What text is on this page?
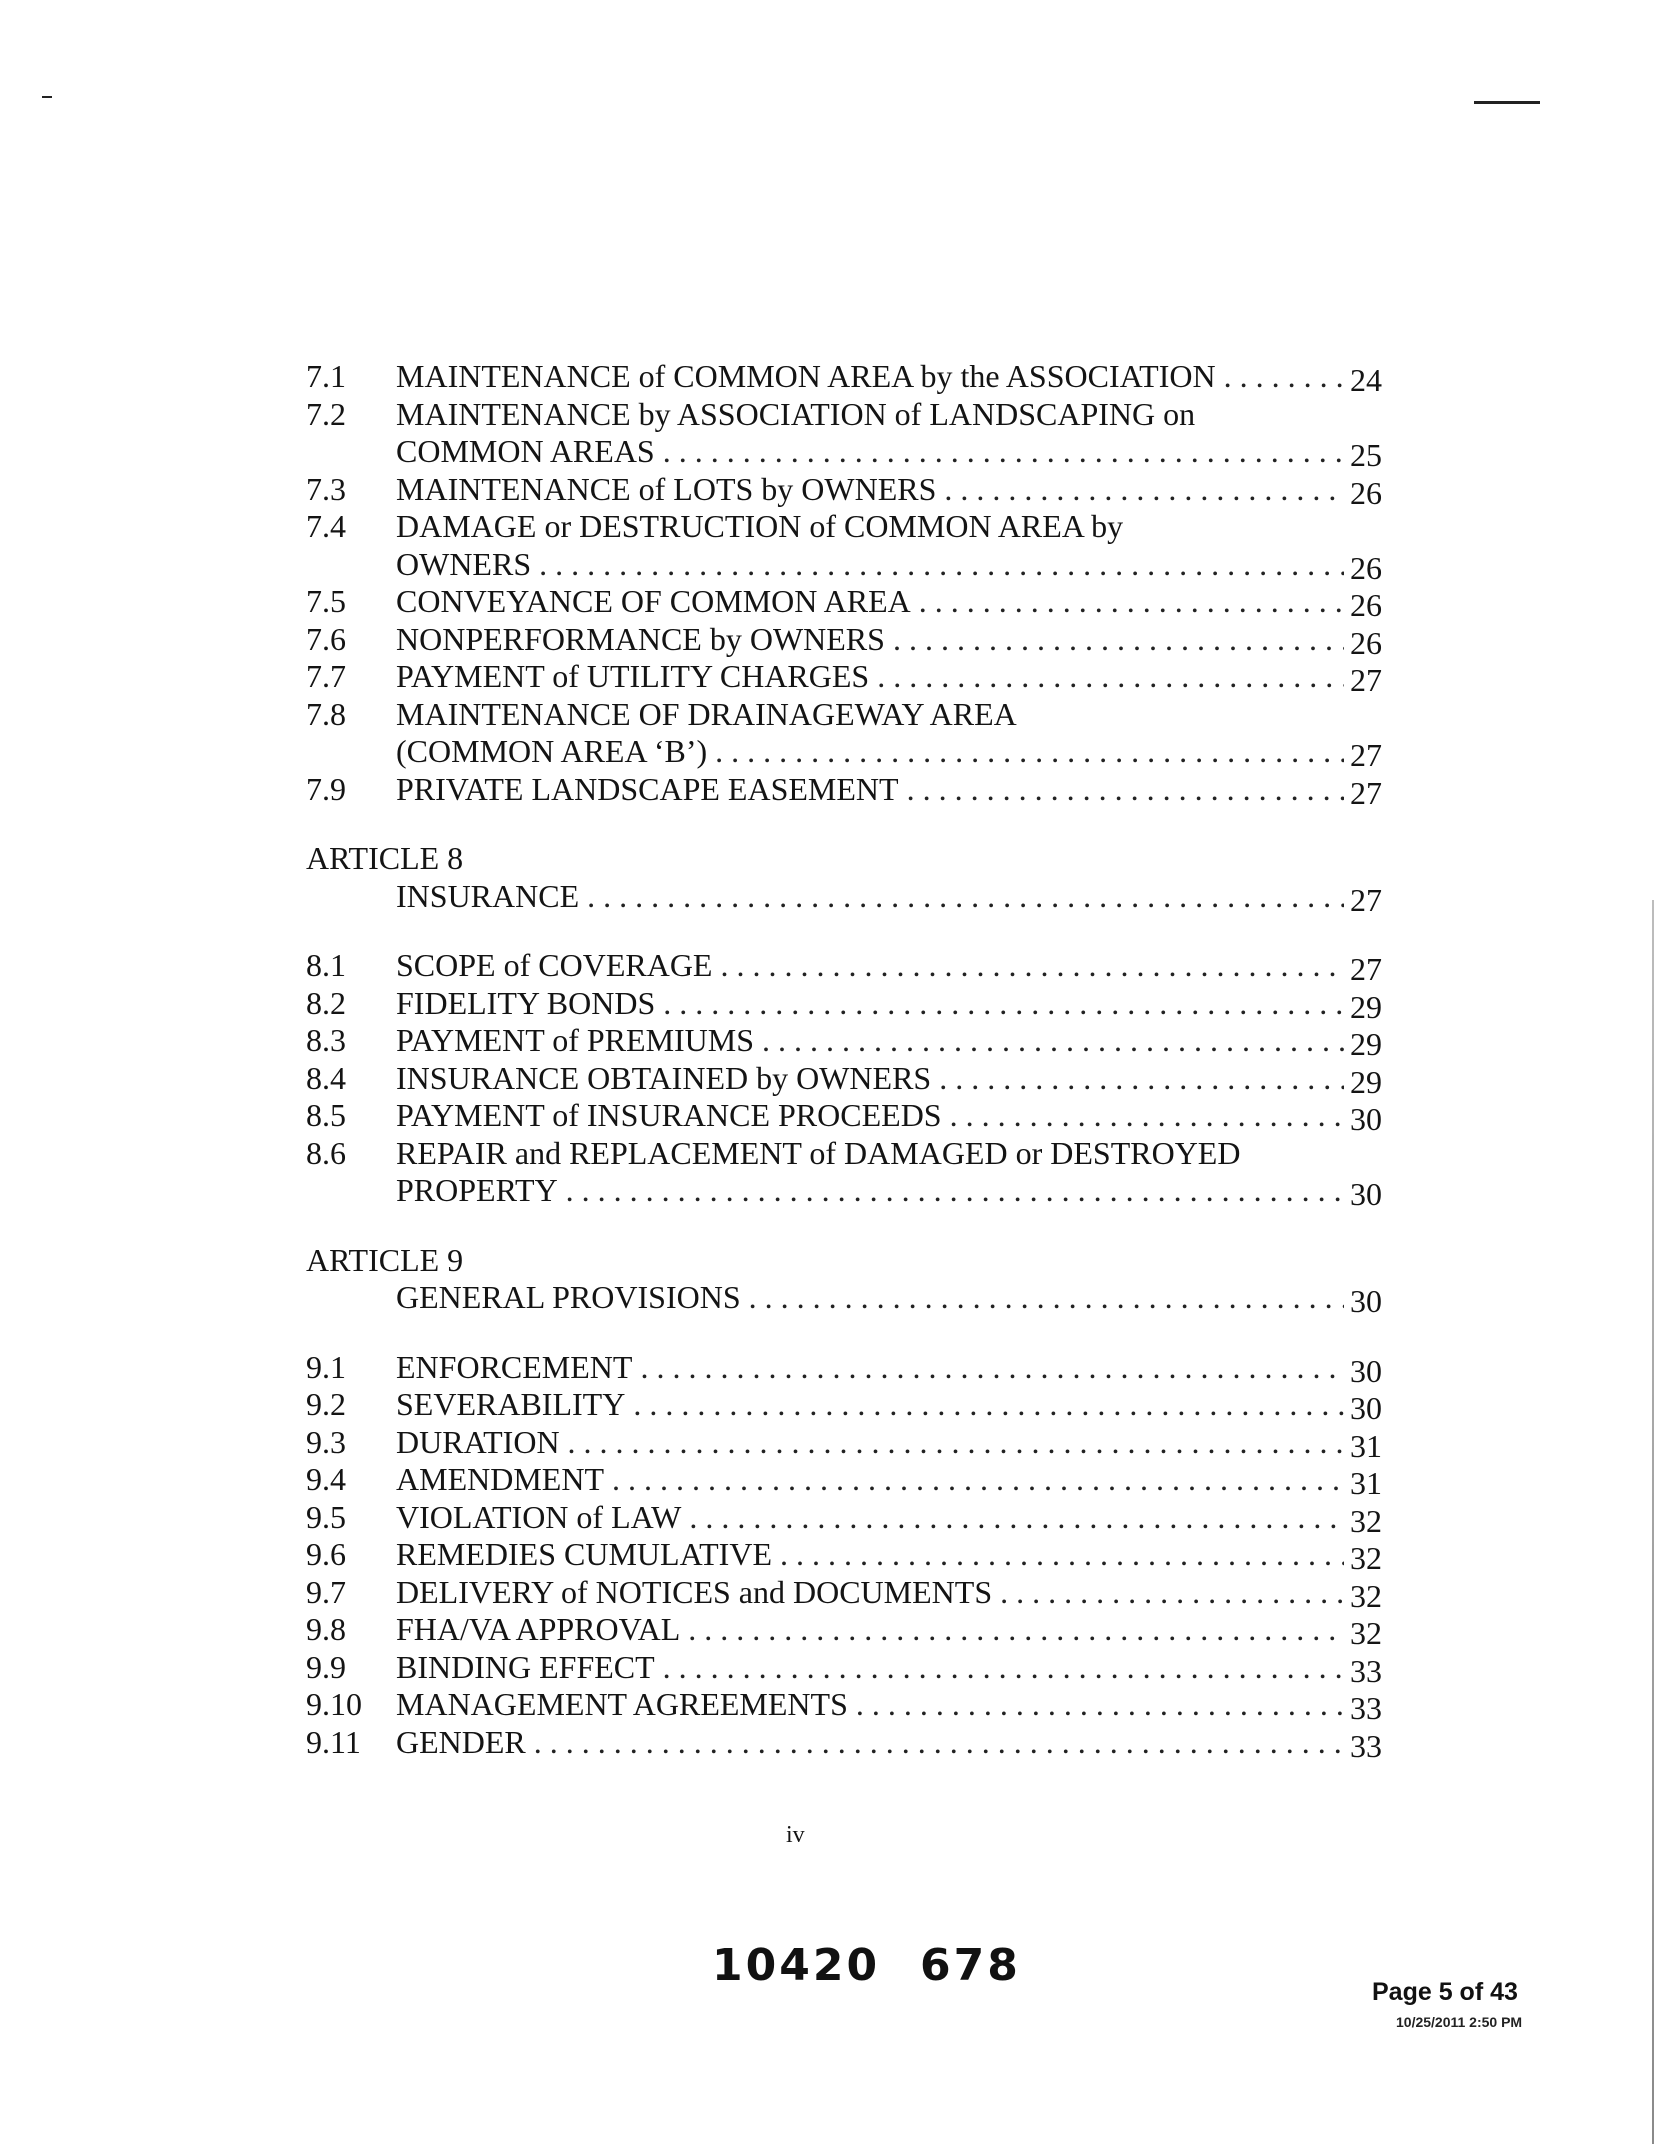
7.1 MAINTENANCE of COMMON AREA by the ASSOCIATION . . .	24
7.2 MAINTENANCE by ASSOCIATION of LANDSCAPING on
COMMON AREAS . . .	25
7.3 MAINTENANCE of LOTS by OWNERS . . .	26
7.4 DAMAGE or DESTRUCTION of COMMON AREA by
OWNERS . . .	26
7.5 CONVEYANCE OF COMMON AREA . . .	26
7.6 NONPERFORMANCE by OWNERS . . .	26
7.7 PAYMENT of UTILITY CHARGES . . .	27
7.8 MAINTENANCE OF DRAINAGEWAY AREA
(COMMON AREA ‘B’) . . .	27
7.9 PRIVATE LANDSCAPE EASEMENT . . .	27
ARTICLE 8
INSURANCE . . .	27
8.1 SCOPE of COVERAGE . . .	27
8.2 FIDELITY BONDS . . .	29
8.3 PAYMENT of PREMIUMS . . .	29
8.4 INSURANCE OBTAINED by OWNERS . . .	29
8.5 PAYMENT of INSURANCE PROCEEDS . . .	30
8.6 REPAIR and REPLACEMENT of DAMAGED or DESTROYED
PROPERTY . . .	30
ARTICLE 9
GENERAL PROVISIONS . . .	30
9.1 ENFORCEMENT . . .	30
9.2 SEVERABILITY . . .	30
9.3 DURATION . . .	31
9.4 AMENDMENT . . .	31
9.5 VIOLATION of LAW . . .	32
9.6 REMEDIES CUMULATIVE . . .	32
9.7 DELIVERY of NOTICES and DOCUMENTS . . .	32
9.8 FHA/VA APPROVAL . . .	32
9.9 BINDING EFFECT . . .	33
9.10 MANAGEMENT AGREEMENTS . . .	33
9.11 GENDER . . .	33
iv
10420 678
Page 5 of 43
10/25/2011 2:50 PM
